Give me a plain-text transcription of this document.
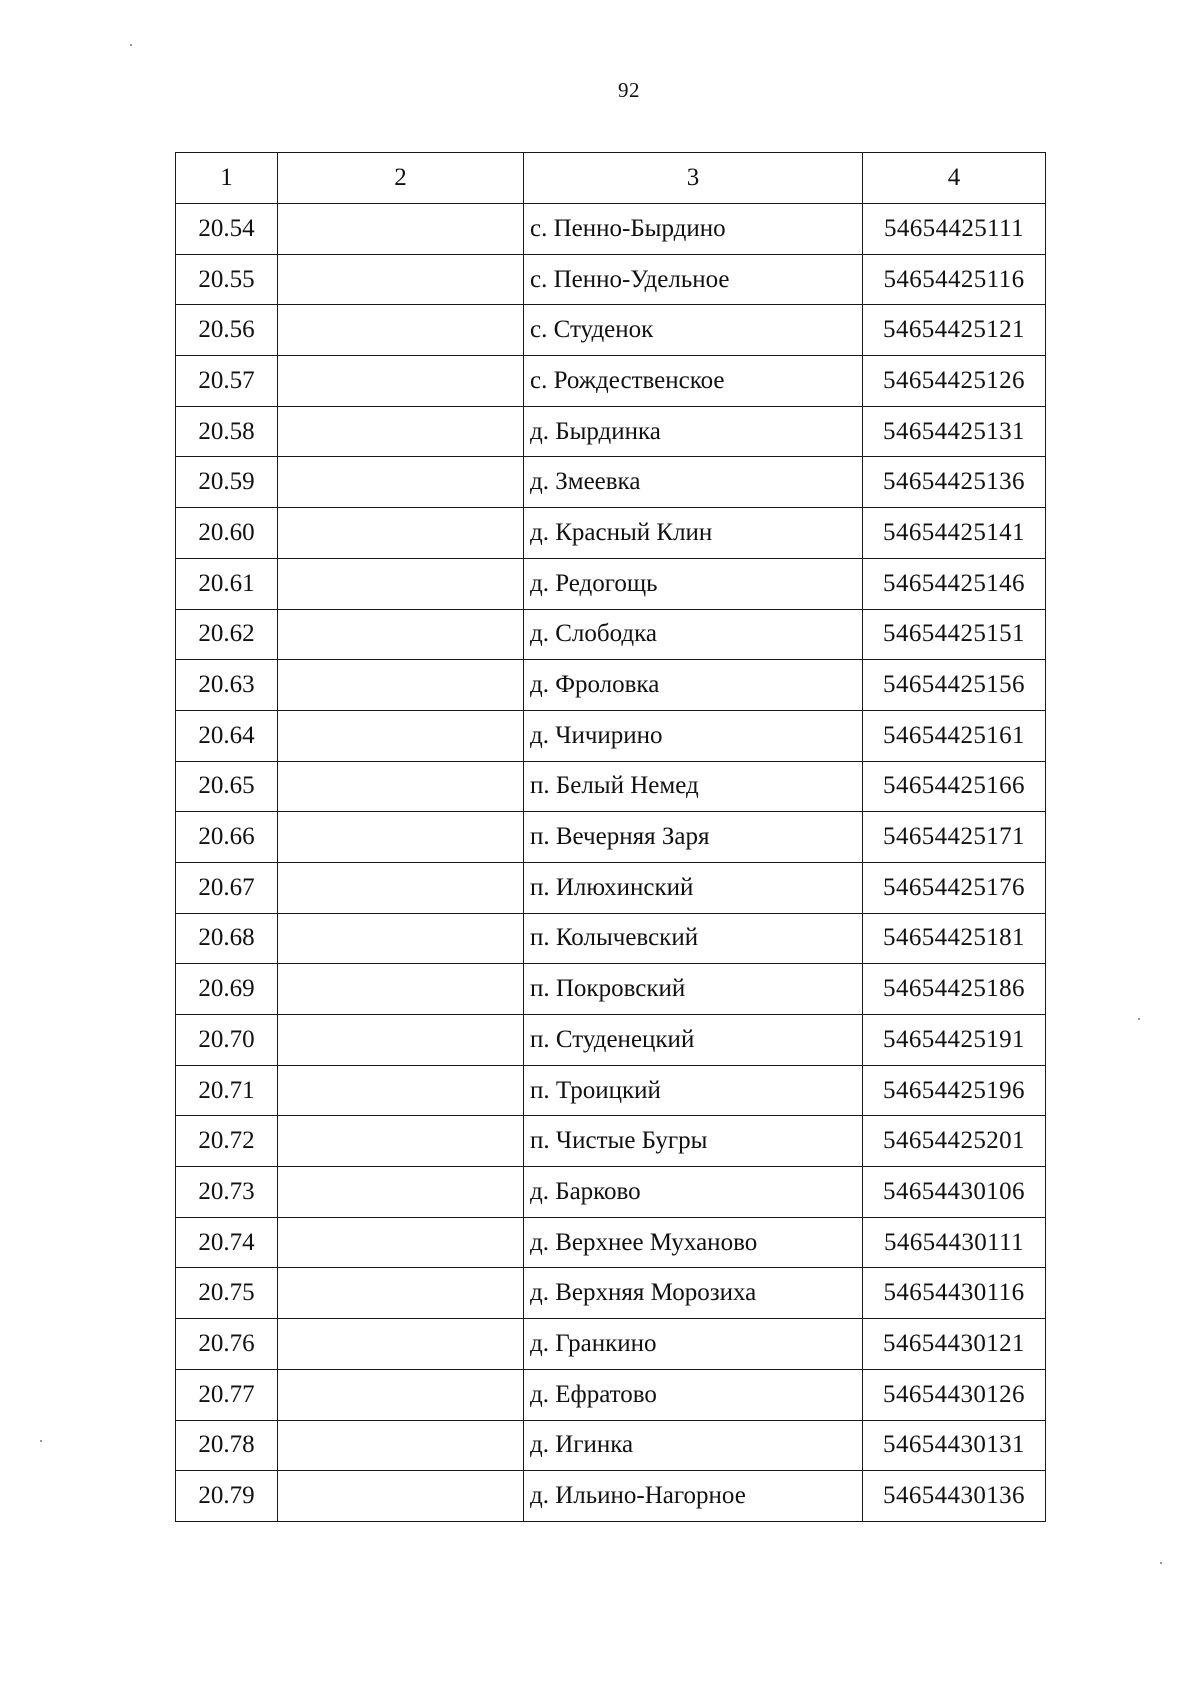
92
1	2	3	4
20.54		с. Пенно-Бырдино	54654425111
20.55		с. Пенно-Удельное	54654425116
20.56		с. Студенок	54654425121
20.57		с. Рождественское	54654425126
20.58		д. Бырдинка	54654425131
20.59		д. Змеевка	54654425136
20.60		д. Красный Клин	54654425141
20.61		д. Редогощь	54654425146
20.62		д. Слободка	54654425151
20.63		д. Фроловка	54654425156
20.64		д. Чичирино	54654425161
20.65		п. Белый Немед	54654425166
20.66		п. Вечерняя Заря	54654425171
20.67		п. Илюхинский	54654425176
20.68		п. Колычевский	54654425181
20.69		п. Покровский	54654425186
20.70		п. Студенецкий	54654425191
20.71		п. Троицкий	54654425196
20.72		п. Чистые Бугры	54654425201
20.73		д. Барково	54654430106
20.74		д. Верхнее Муханово	54654430111
20.75		д. Верхняя Морозиха	54654430116
20.76		д. Гранкино	54654430121
20.77		д. Ефратово	54654430126
20.78		д. Игинка	54654430131
20.79		д. Ильино-Нагорное	54654430136
